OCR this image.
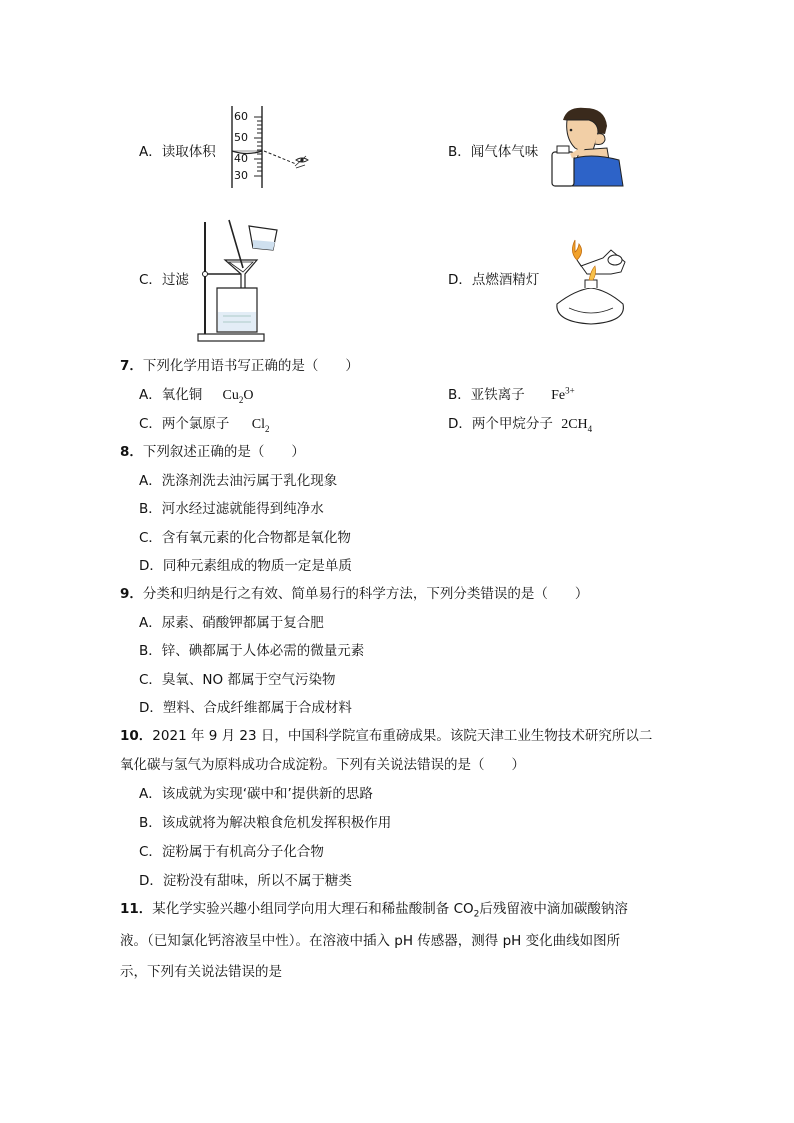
A．读取体积
60
50
40
30
B．闻气体气味
C．过滤	D．点燃酒精灯
7．下列化学用语书写正确的是（　　）
A．氧化铜 $Cu_2O$	B．亚铁离子 $Fe^{3+}$
C．两个氯原子 $Cl_2$	D．两个甲烷分子 $2CH_4$
8．下列叙述正确的是（　　）
A．洗涤剂洗去油污属于乳化现象
B．河水经过滤就能得到纯净水
C．含有氧元素的化合物都是氧化物
D．同种元素组成的物质一定是单质
9．分类和归纳是行之有效、简单易行的科学方法，下列分类错误的是（　　）
A．尿素、硝酸钾都属于复合肥
B．锌、碘都属于人体必需的微量元素
C．臭氧、NO 都属于空气污染物
D．塑料、合成纤维都属于合成材料
10．2021 年 9 月 23 日，中国科学院宣布重磅成果。该院天津工业生物技术研究所以二
氧化碳与氢气为原料成功合成淀粉。下列有关说法错误的是（　　）
A．该成就为实现‘碳中和’提供新的思路
B．该成就将为解决粮食危机发挥积极作用
C．淀粉属于有机高分子化合物
D．淀粉没有甜味，所以不属于糖类
11．某化学实验兴趣小组同学向用大理石和稀盐酸制备 $CO_2$后残留液中滴加碳酸钠溶
液。（已知氯化钙溶液呈中性）。在溶液中插入 pH 传感器，测得 pH 变化曲线如图所
示，下列有关说法错误的是
